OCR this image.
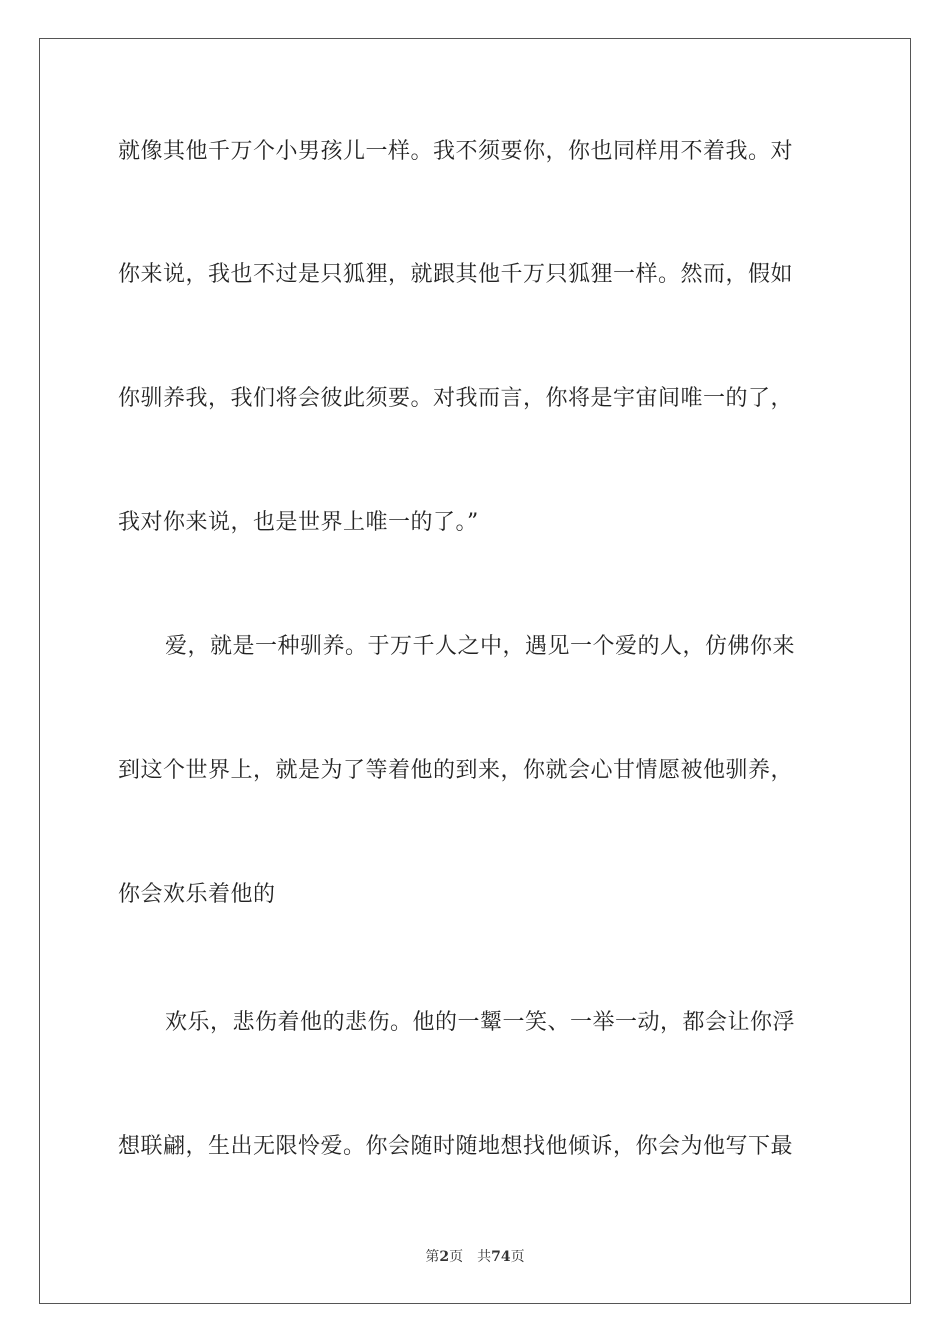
就像其他千万个小男孩儿一样。我不须要你，你也同样用不着我。对
你来说，我也不过是只狐狸，就跟其他千万只狐狸一样。然而，假如
你驯养我，我们将会彼此须要。对我而言，你将是宇宙间唯一的了，
我对你来说，也是世界上唯一的了。”
爱，就是一种驯养。于万千人之中，遇见一个爱的人，仿佛你来
到这个世界上，就是为了等着他的到来，你就会心甘情愿被他驯养，
你会欢乐着他的
欢乐，悲伤着他的悲伤。他的一颦一笑、一举一动，都会让你浮
想联翩，生出无限怜爱。你会随时随地想找他倾诉，你会为他写下最
第2页 共74页
